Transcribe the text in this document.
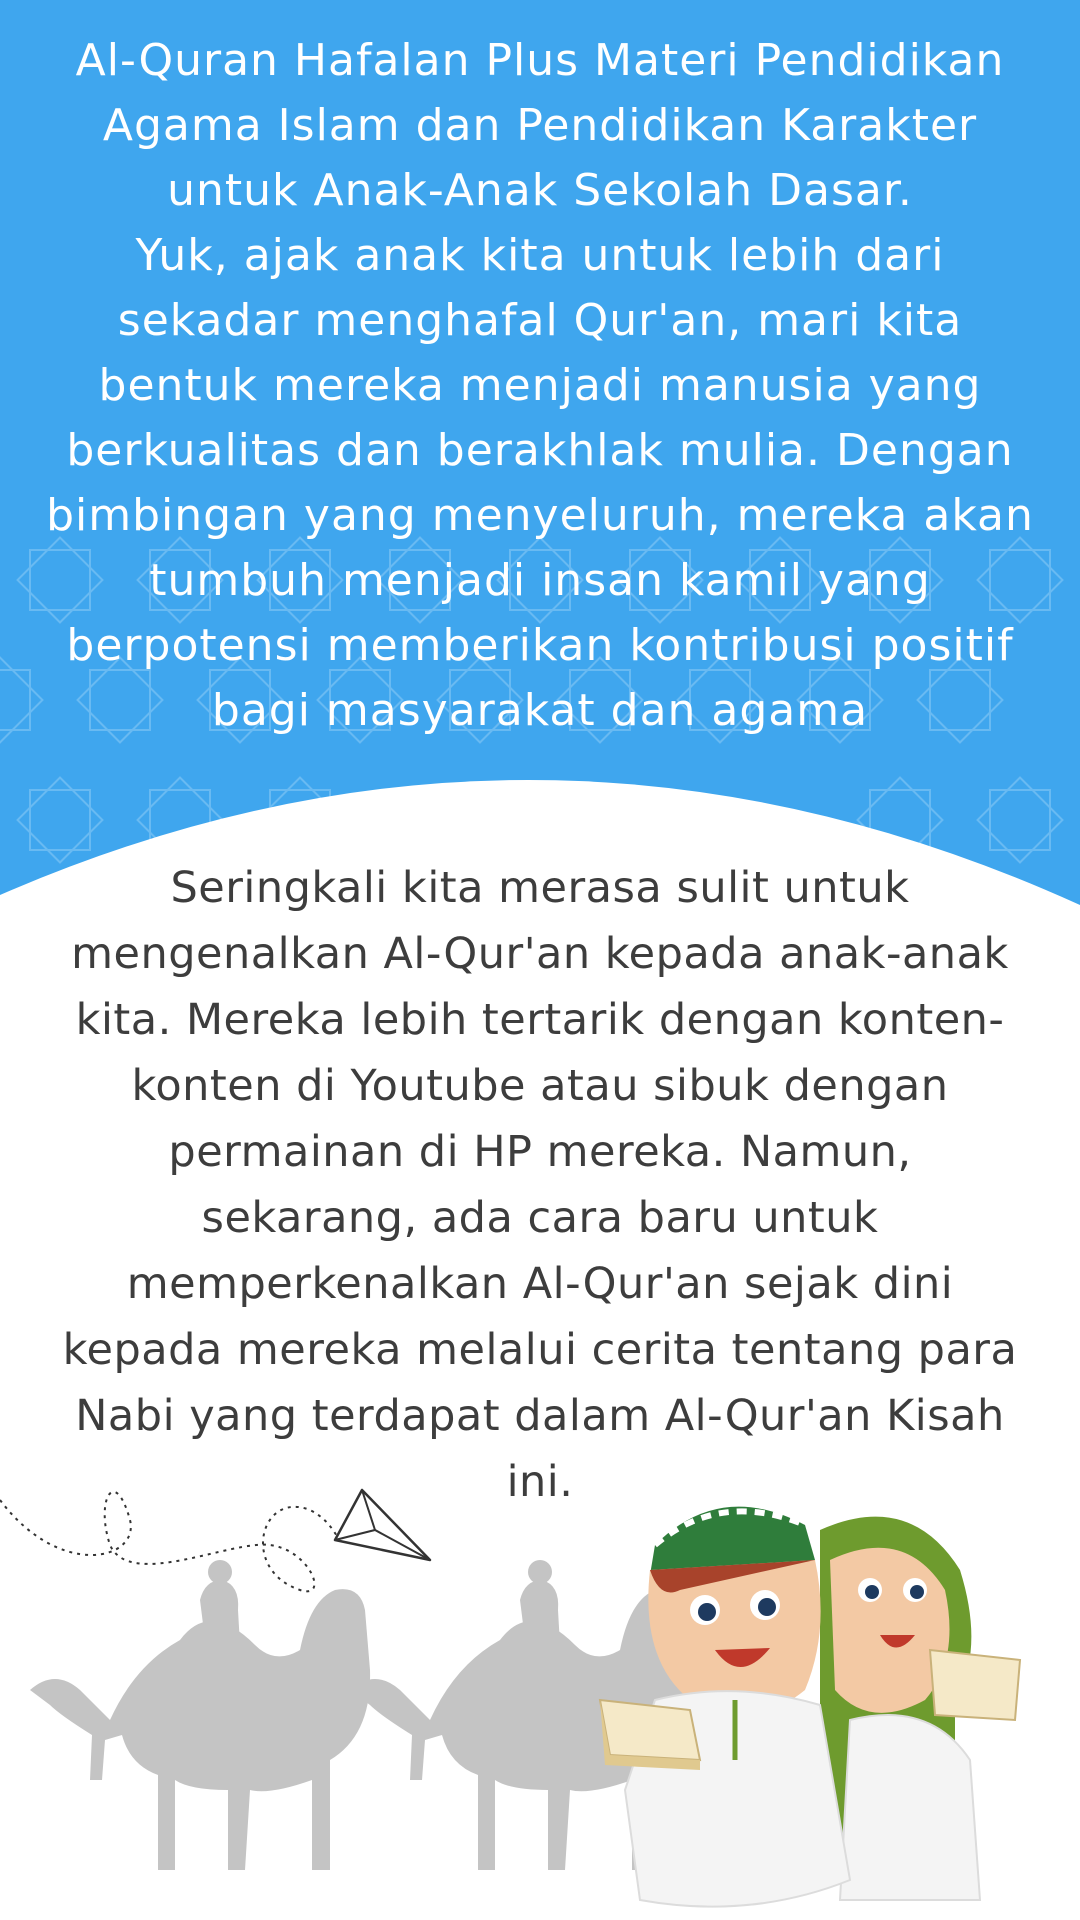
Al-Quran Hafalan Plus Materi Pendidikan Agama Islam dan Pendidikan Karakter untuk Anak-Anak Sekolah Dasar.

Yuk, ajak anak kita untuk lebih dari sekadar menghafal Qur'an, mari kita bentuk mereka menjadi manusia yang berkualitas dan berakhlak mulia. Dengan bimbingan yang menyeluruh, mereka akan tumbuh menjadi insan kamil yang berpotensi memberikan kontribusi positif bagi masyarakat dan agama

Seringkali kita merasa sulit untuk mengenalkan Al-Qur'an kepada anak-anak kita. Mereka lebih tertarik dengan konten-konten di Youtube atau sibuk dengan permainan di HP mereka. Namun, sekarang, ada cara baru untuk memperkenalkan Al-Qur'an sejak dini kepada mereka melalui cerita tentang para Nabi yang terdapat dalam Al-Qur'an Kisah ini.
